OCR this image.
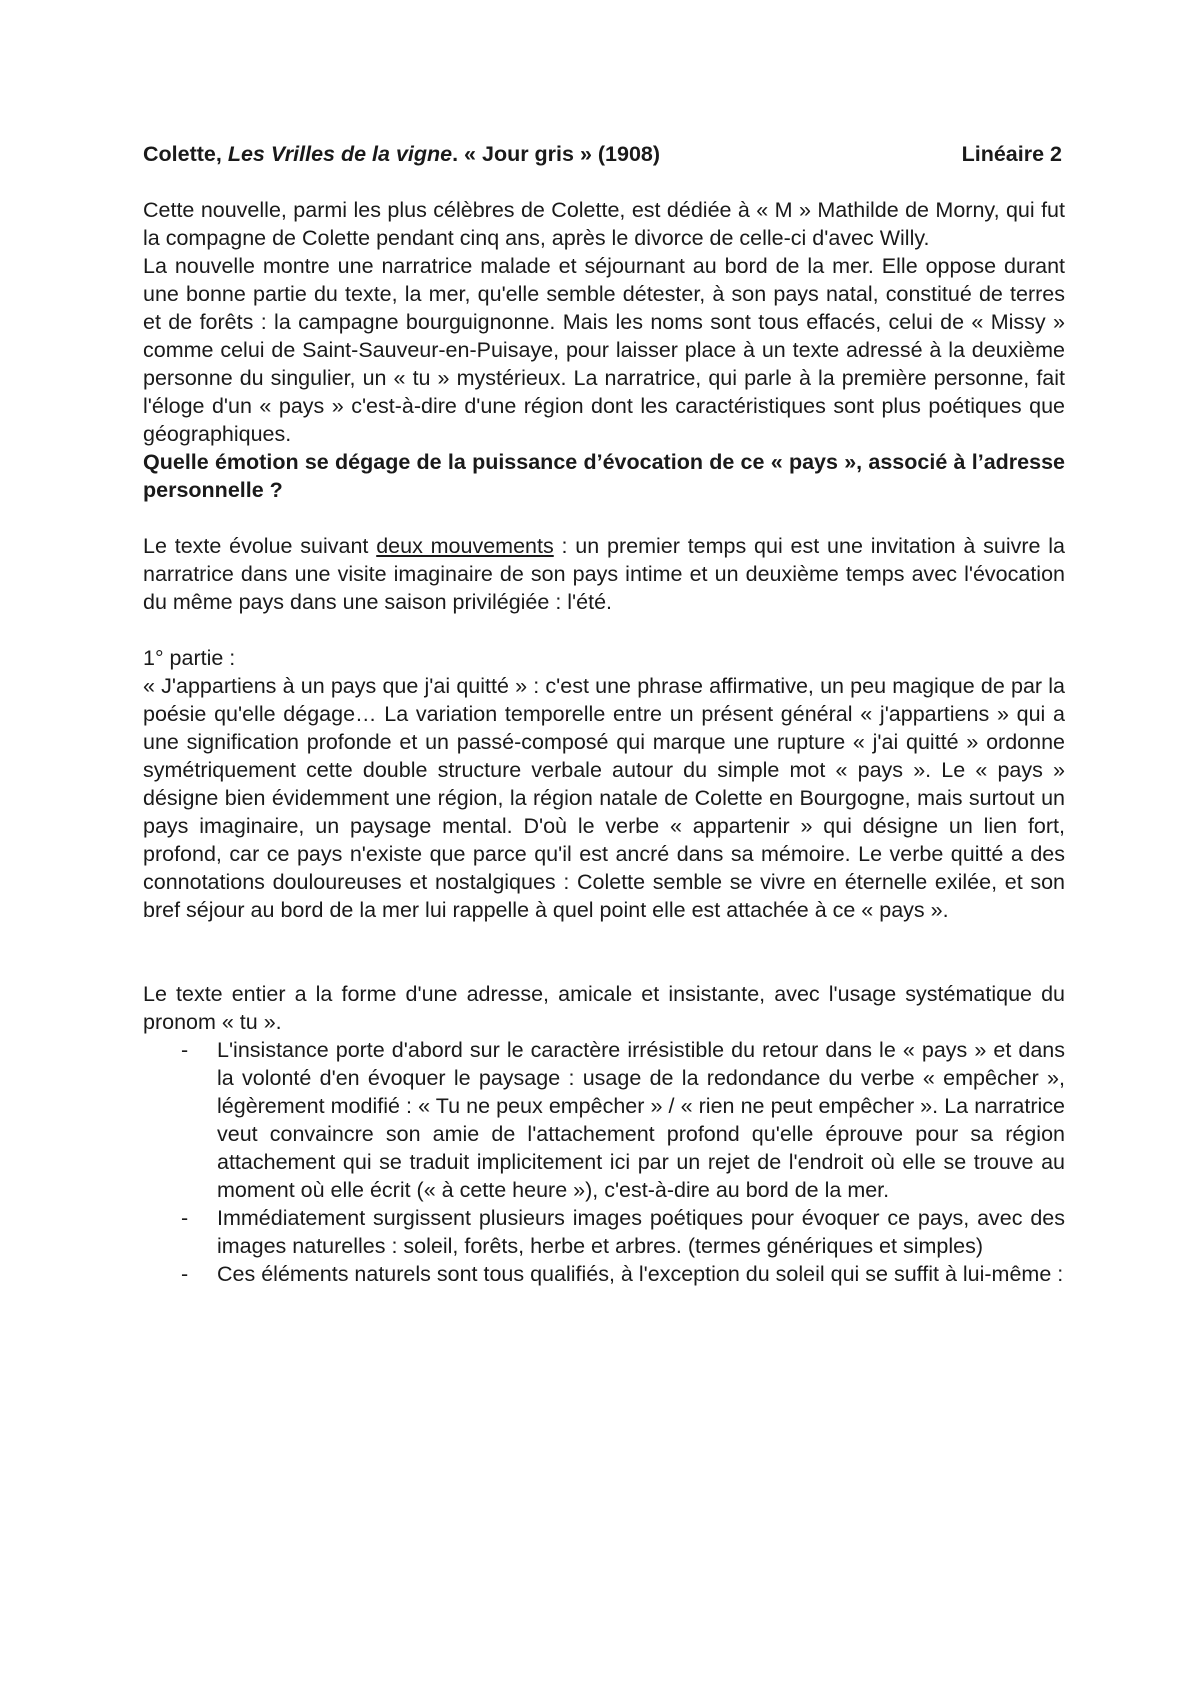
Colette, Les Vrilles de la vigne. « Jour gris » (1908)	Linéaire 2

Cette nouvelle, parmi les plus célèbres de Colette, est dédiée à « M » Mathilde de Morny, qui fut la compagne de Colette pendant cinq ans, après le divorce de celle-ci d'avec Willy.

La nouvelle montre une narratrice malade et séjournant au bord de la mer. Elle oppose durant une bonne partie du texte, la mer, qu'elle semble détester, à son pays natal, constitué de terres et de forêts : la campagne bourguignonne. Mais les noms sont tous effacés, celui de « Missy » comme celui de Saint-Sauveur-en-Puisaye, pour laisser place à un texte adressé à la deuxième personne du singulier, un « tu » mystérieux. La narratrice, qui parle à la première personne, fait l'éloge d'un « pays » c'est-à-dire d'une région dont les caractéristiques sont plus poétiques que géographiques.

Quelle émotion se dégage de la puissance d’évocation de ce « pays », associé à l’adresse personnelle ?

Le texte évolue suivant deux mouvements : un premier temps qui est une invitation à suivre la narratrice dans une visite imaginaire de son pays intime et un deuxième temps avec l'évocation du même pays dans une saison privilégiée : l'été.

1° partie :

« J'appartiens à un pays que j'ai quitté » : c'est une phrase affirmative, un peu magique de par la poésie qu'elle dégage… La variation temporelle entre un présent général « j'appartiens » qui a une signification profonde et un passé-composé qui marque une rupture « j'ai quitté » ordonne symétriquement cette double structure verbale autour du simple mot « pays ». Le « pays » désigne bien évidemment une région, la région natale de Colette en Bourgogne, mais surtout un pays imaginaire, un paysage mental. D'où le verbe « appartenir » qui désigne un lien fort, profond, car ce pays n'existe que parce qu'il est ancré dans sa mémoire. Le verbe quitté a des connotations douloureuses et nostalgiques : Colette semble se vivre en éternelle exilée, et son bref séjour au bord de la mer lui rappelle à quel point elle est attachée à ce « pays ».

Le texte entier a la forme d'une adresse, amicale et insistante, avec l'usage systématique du pronom « tu ».

- L'insistance porte d'abord sur le caractère irrésistible du retour dans le « pays » et dans la volonté d'en évoquer le paysage : usage de la redondance du verbe « empêcher », légèrement modifié : « Tu ne peux empêcher » / « rien ne peut empêcher ». La narratrice veut convaincre son amie de l'attachement profond qu'elle éprouve pour sa région attachement qui se traduit implicitement ici par un rejet de l'endroit où elle se trouve au moment où elle écrit (« à cette heure »), c'est-à-dire au bord de la mer.
- Immédiatement surgissent plusieurs images poétiques pour évoquer ce pays, avec des images naturelles : soleil, forêts, herbe et arbres. (termes génériques et simples)
- Ces éléments naturels sont tous qualifiés, à l'exception du soleil qui se suffit à lui-même :
